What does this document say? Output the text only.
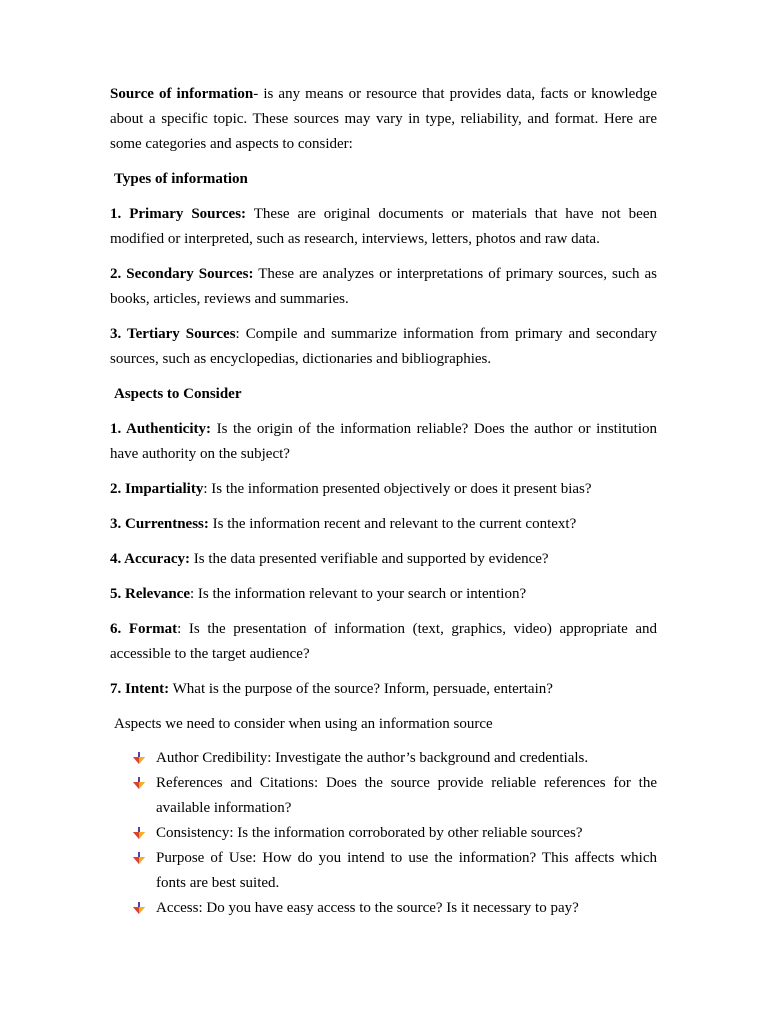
Source of information- is any means or resource that provides data, facts or knowledge about a specific topic. These sources may vary in type, reliability, and format. Here are some categories and aspects to consider:

Types of information

1. Primary Sources: These are original documents or materials that have not been modified or interpreted, such as research, interviews, letters, photos and raw data.

2. Secondary Sources: These are analyzes or interpretations of primary sources, such as books, articles, reviews and summaries.

3. Tertiary Sources: Compile and summarize information from primary and secondary sources, such as encyclopedias, dictionaries and bibliographies.

Aspects to Consider

1. Authenticity: Is the origin of the information reliable? Does the author or institution have authority on the subject?

2. Impartiality: Is the information presented objectively or does it present bias?

3. Currentness: Is the information recent and relevant to the current context?

4. Accuracy: Is the data presented verifiable and supported by evidence?

5. Relevance: Is the information relevant to your search or intention?

6. Format: Is the presentation of information (text, graphics, video) appropriate and accessible to the target audience?

7. Intent: What is the purpose of the source? Inform, persuade, entertain?

Aspects we need to consider when using an information source

Author Credibility: Investigate the author’s background and credentials.
References and Citations: Does the source provide reliable references for the available information?
Consistency: Is the information corroborated by other reliable sources?
Purpose of Use: How do you intend to use the information? This affects which fonts are best suited.
Access: Do you have easy access to the source? Is it necessary to pay?
